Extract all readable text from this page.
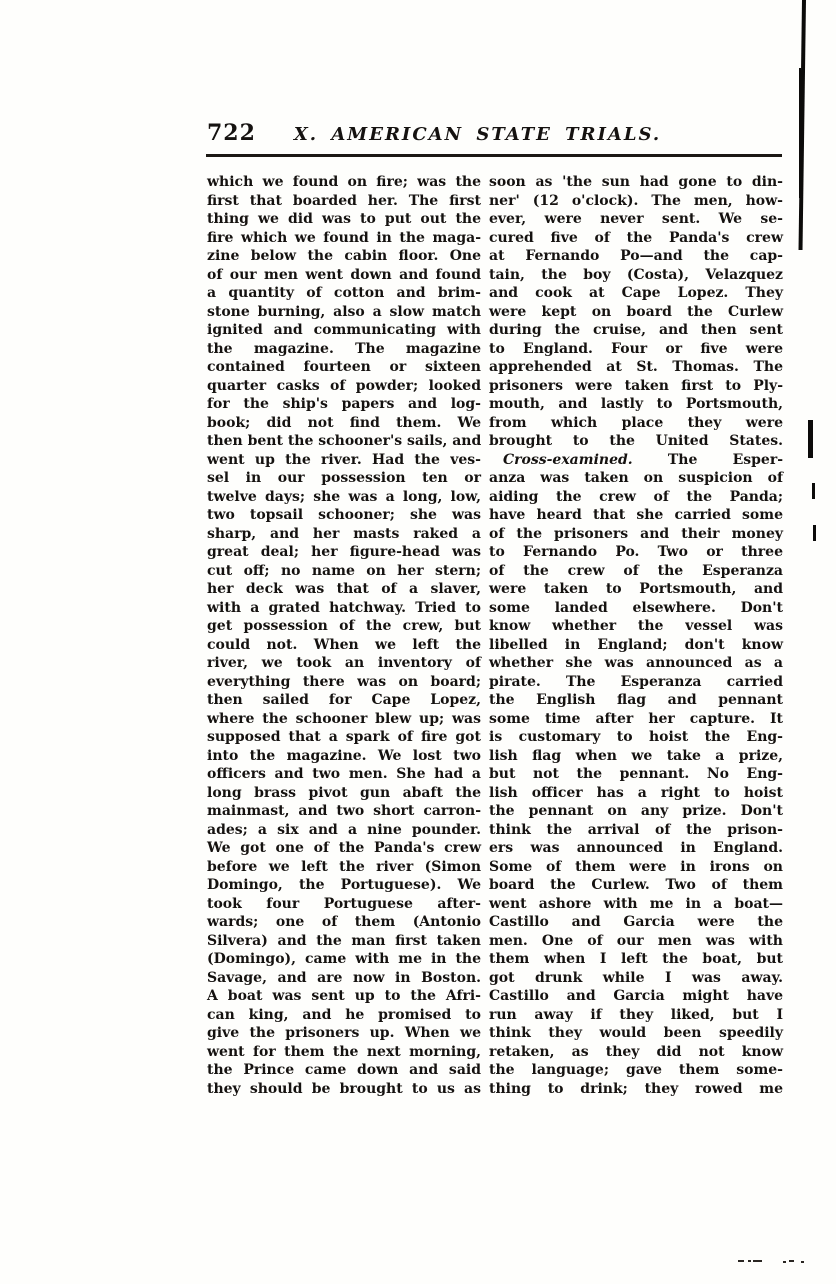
722	X. AMERICAN STATE TRIALS.
which we found on fire; was the
first that boarded her. The first
thing we did was to put out the
fire which we found in the maga-
zine below the cabin floor. One
of our men went down and found
a quantity of cotton and brim-
stone burning, also a slow match
ignited and communicating with
the magazine. The magazine
contained fourteen or sixteen
quarter casks of powder; looked
for the ship's papers and log-
book; did not find them. We
then bent the schooner's sails, and
went up the river. Had the ves-
sel in our possession ten or
twelve days; she was a long, low,
two topsail schooner; she was
sharp, and her masts raked a
great deal; her figure-head was
cut off; no name on her stern;
her deck was that of a slaver,
with a grated hatchway. Tried to
get possession of the crew, but
could not. When we left the
river, we took an inventory of
everything there was on board;
then sailed for Cape Lopez,
where the schooner blew up; was
supposed that a spark of fire got
into the magazine. We lost two
officers and two men. She had a
long brass pivot gun abaft the
mainmast, and two short carron-
ades; a six and a nine pounder.
We got one of the Panda's crew
before we left the river (Simon
Domingo, the Portuguese). We
took four Portuguese after-
wards; one of them (Antonio
Silvera) and the man first taken
(Domingo), came with me in the
Savage, and are now in Boston.
A boat was sent up to the Afri-
can king, and he promised to
give the prisoners up. When we
went for them the next morning,
the Prince came down and said
they should be brought to us as
soon as 'the sun had gone to din-
ner' (12 o'clock). The men, how-
ever, were never sent. We se-
cured five of the Panda's crew
at Fernando Po—and the cap-
tain, the boy (Costa), Velazquez
and cook at Cape Lopez. They
were kept on board the Curlew
during the cruise, and then sent
to England. Four or five were
apprehended at St. Thomas. The
prisoners were taken first to Ply-
mouth, and lastly to Portsmouth,
from which place they were
brought to the United States.
Cross-examined. The Esper-
anza was taken on suspicion of
aiding the crew of the Panda;
have heard that she carried some
of the prisoners and their money
to Fernando Po. Two or three
of the crew of the Esperanza
were taken to Portsmouth, and
some landed elsewhere. Don't
know whether the vessel was
libelled in England; don't know
whether she was announced as a
pirate. The Esperanza carried
the English flag and pennant
some time after her capture. It
is customary to hoist the Eng-
lish flag when we take a prize,
but not the pennant. No Eng-
lish officer has a right to hoist
the pennant on any prize. Don't
think the arrival of the prison-
ers was announced in England.
Some of them were in irons on
board the Curlew. Two of them
went ashore with me in a boat—
Castillo and Garcia were the
men. One of our men was with
them when I left the boat, but
got drunk while I was away.
Castillo and Garcia might have
run away if they liked, but I
think they would been speedily
retaken, as they did not know
the language; gave them some-
thing to drink; they rowed me
